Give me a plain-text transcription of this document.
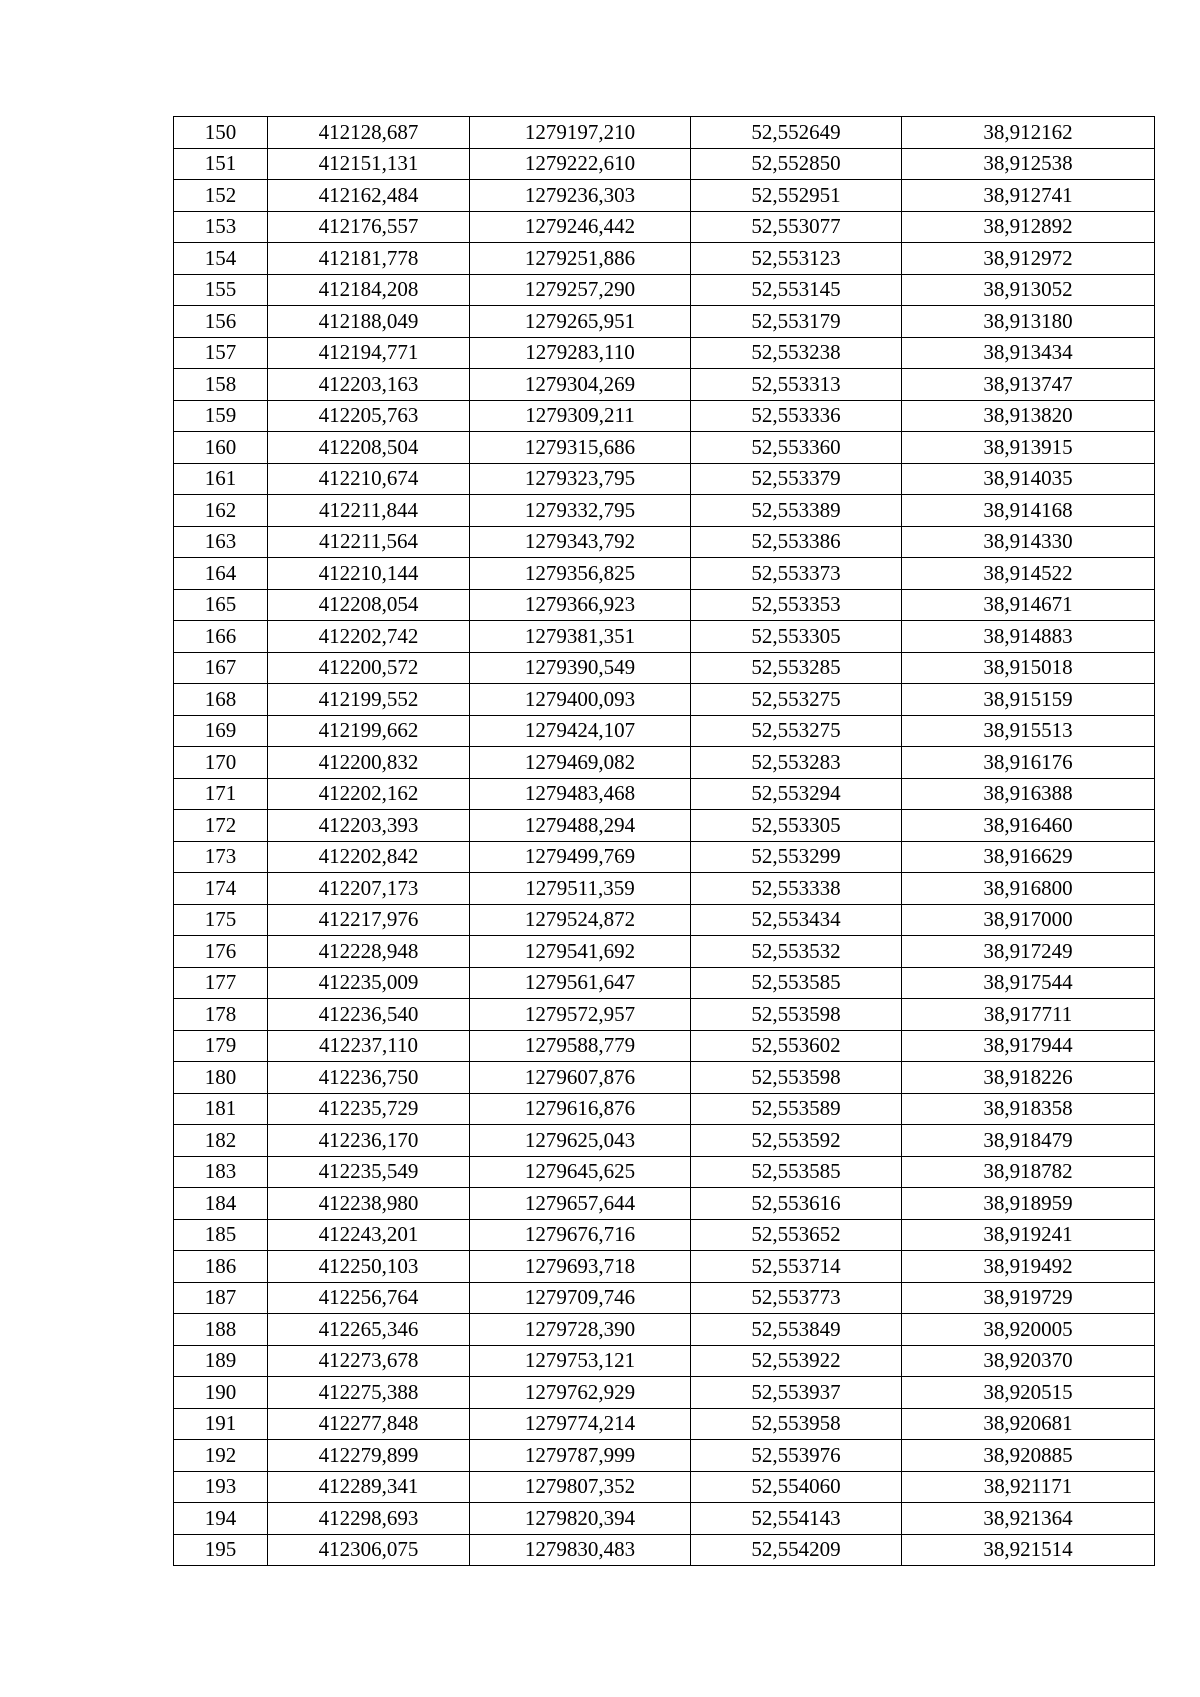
150	412128,687	1279197,210	52,552649	38,912162
151	412151,131	1279222,610	52,552850	38,912538
152	412162,484	1279236,303	52,552951	38,912741
153	412176,557	1279246,442	52,553077	38,912892
154	412181,778	1279251,886	52,553123	38,912972
155	412184,208	1279257,290	52,553145	38,913052
156	412188,049	1279265,951	52,553179	38,913180
157	412194,771	1279283,110	52,553238	38,913434
158	412203,163	1279304,269	52,553313	38,913747
159	412205,763	1279309,211	52,553336	38,913820
160	412208,504	1279315,686	52,553360	38,913915
161	412210,674	1279323,795	52,553379	38,914035
162	412211,844	1279332,795	52,553389	38,914168
163	412211,564	1279343,792	52,553386	38,914330
164	412210,144	1279356,825	52,553373	38,914522
165	412208,054	1279366,923	52,553353	38,914671
166	412202,742	1279381,351	52,553305	38,914883
167	412200,572	1279390,549	52,553285	38,915018
168	412199,552	1279400,093	52,553275	38,915159
169	412199,662	1279424,107	52,553275	38,915513
170	412200,832	1279469,082	52,553283	38,916176
171	412202,162	1279483,468	52,553294	38,916388
172	412203,393	1279488,294	52,553305	38,916460
173	412202,842	1279499,769	52,553299	38,916629
174	412207,173	1279511,359	52,553338	38,916800
175	412217,976	1279524,872	52,553434	38,917000
176	412228,948	1279541,692	52,553532	38,917249
177	412235,009	1279561,647	52,553585	38,917544
178	412236,540	1279572,957	52,553598	38,917711
179	412237,110	1279588,779	52,553602	38,917944
180	412236,750	1279607,876	52,553598	38,918226
181	412235,729	1279616,876	52,553589	38,918358
182	412236,170	1279625,043	52,553592	38,918479
183	412235,549	1279645,625	52,553585	38,918782
184	412238,980	1279657,644	52,553616	38,918959
185	412243,201	1279676,716	52,553652	38,919241
186	412250,103	1279693,718	52,553714	38,919492
187	412256,764	1279709,746	52,553773	38,919729
188	412265,346	1279728,390	52,553849	38,920005
189	412273,678	1279753,121	52,553922	38,920370
190	412275,388	1279762,929	52,553937	38,920515
191	412277,848	1279774,214	52,553958	38,920681
192	412279,899	1279787,999	52,553976	38,920885
193	412289,341	1279807,352	52,554060	38,921171
194	412298,693	1279820,394	52,554143	38,921364
195	412306,075	1279830,483	52,554209	38,921514
